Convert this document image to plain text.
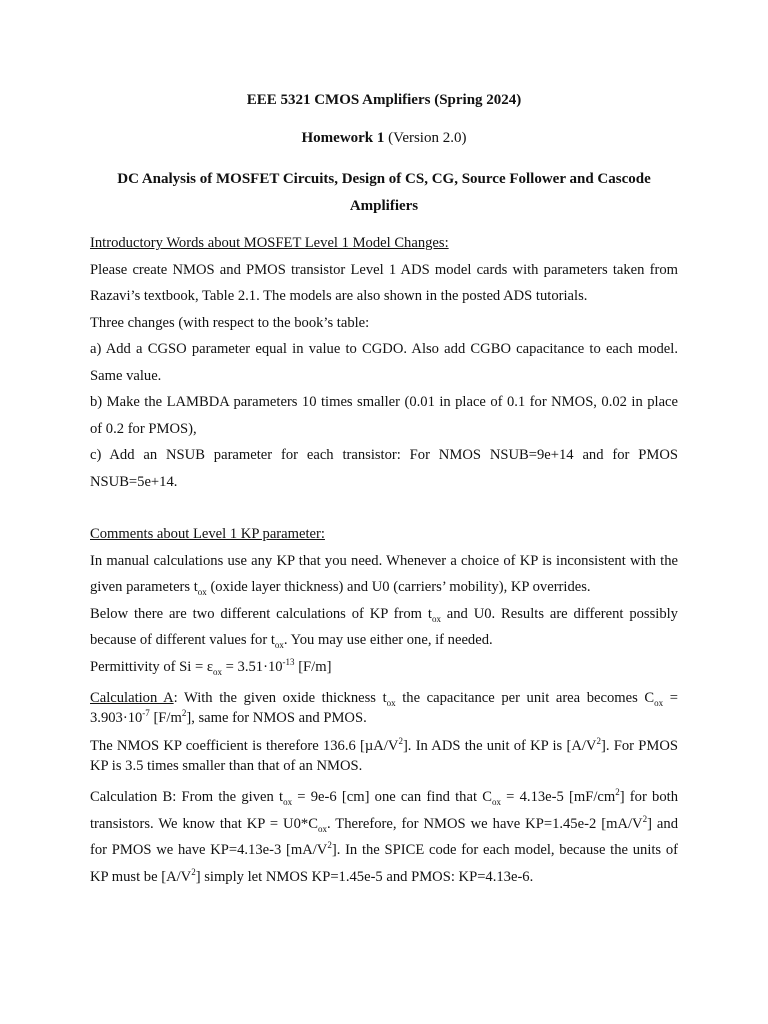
EEE 5321 CMOS Amplifiers (Spring 2024)
Homework 1 (Version 2.0)
DC Analysis of MOSFET Circuits, Design of CS, CG, Source Follower and Cascode Amplifiers

Introductory Words about MOSFET Level 1 Model Changes:

Please create NMOS and PMOS transistor Level 1 ADS model cards with parameters taken from Razavi’s textbook, Table 2.1. The models are also shown in the posted ADS tutorials.

Three changes (with respect to the book’s table:

a) Add a CGSO parameter equal in value to CGDO. Also add CGBO capacitance to each model. Same value.

b) Make the LAMBDA parameters 10 times smaller (0.01 in place of 0.1 for NMOS, 0.02 in place of 0.2 for PMOS),

c) Add an NSUB parameter for each transistor: For NMOS NSUB=9e+14 and for PMOS NSUB=5e+14.

Comments about Level 1 KP parameter:

In manual calculations use any KP that you need. Whenever a choice of KP is inconsistent with the given parameters $t_{ox}$ (oxide layer thickness) and U0 (carriers’ mobility), KP overrides.

Below there are two different calculations of KP from $t_{ox}$ and U0. Results are different possibly because of different values for $t_{ox}$. You may use either one, if needed.

Permittivity of $Si = \varepsilon_{ox} = 3.51\cdot 10^{-13}$ [F/m]

Calculation A: With the given oxide thickness $t_{ox}$ the capacitance per unit area becomes $C_{ox} = 3.903\cdot 10^{-7}$ $[F/m^2]$, same for NMOS and PMOS.

The NMOS KP coefficient is therefore 136.6 $[\mu A/V^2]$. In ADS the unit of KP is $[A/V^2]$. For PMOS KP is 3.5 times smaller than that of an NMOS.

Calculation B: From the given $t_{ox} = 9e-6$ [cm] one can find that $C_{ox} = 4.13e-5$ $[mF/cm^2]$ for both transistors. We know that KP = $U0*C_{ox}$. Therefore, for NMOS we have KP=1.45e-2 $[mA/V^2]$ and for PMOS we have KP=4.13e-3 $[mA/V^2]$. In the SPICE code for each model, because the units of KP must be $[A/V^2]$ simply let NMOS KP=1.45e-5 and PMOS: KP=4.13e-6.
